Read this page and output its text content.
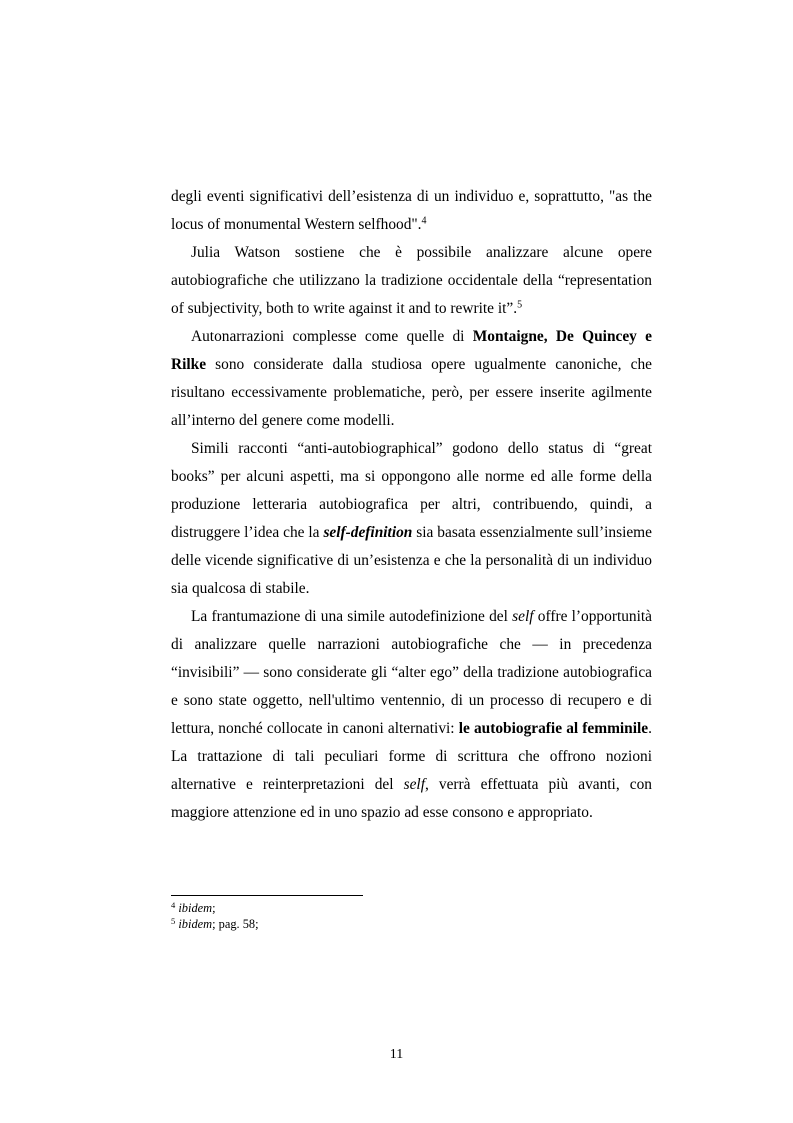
degli eventi significativi dell’esistenza di un individuo e, soprattutto, "as the locus of monumental Western selfhood".$^4$

Julia Watson sostiene che è possibile analizzare alcune opere autobiografiche che utilizzano la tradizione occidentale della “representation of subjectivity, both to write against it and to rewrite it”.$^5$

Autonarrazioni complesse come quelle di Montaigne, De Quincey e Rilke sono considerate dalla studiosa opere ugualmente canoniche, che risultano eccessivamente problematiche, però, per essere inserite agilmente all’interno del genere come modelli.

Simili racconti “anti-autobiographical” godono dello status di “great books” per alcuni aspetti, ma si oppongono alle norme ed alle forme della produzione letteraria autobiografica per altri, contribuendo, quindi, a distruggere l’idea che la self-definition sia basata essenzialmente sull’insieme delle vicende significative di un’esistenza e che la personalità di un individuo sia qualcosa di stabile.

La frantumazione di una simile autodefinizione del self offre l’opportunità di analizzare quelle narrazioni autobiografiche che — in precedenza “invisibili” — sono considerate gli “alter ego” della tradizione autobiografica e sono state oggetto, nell'ultimo ventennio, di un processo di recupero e di lettura, nonché collocate in canoni alternativi: le autobiografie al femminile. La trattazione di tali peculiari forme di scrittura che offrono nozioni alternative e reinterpretazioni del self, verrà effettuata più avanti, con maggiore attenzione ed in uno spazio ad esse consono e appropriato.

$^4$ ibidem;
$^5$ ibidem; pag. 58;
11
